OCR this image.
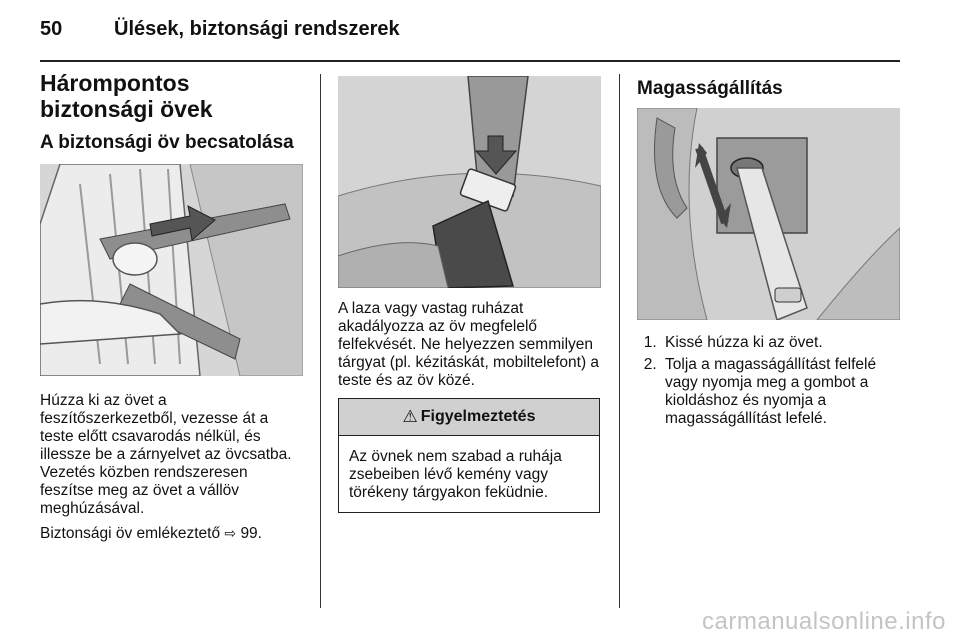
50	Ülések, biztonsági rendszerek
Hárompontos biztonsági övek
A biztonsági öv becsatolása

Húzza ki az övet a feszítőszerkezetből, vezesse át a teste előtt csavarodás nélkül, és illessze be a zárnyelvet az övcsatba. Vezetés közben rendszeresen feszítse meg az övet a vállöv meghúzásával.

Biztonsági öv emlékeztető ⇨ 99.

A laza vagy vastag ruházat akadályozza az öv megfelelő felfekvését. Ne helyezzen semmilyen tárgyat (pl. kézitáskát, mobiltelefont) a teste és az öv közé.

⚠ Figyelmeztetés
Az övnek nem szabad a ruhája zsebeiben lévő kemény vagy törékeny tárgyakon feküdnie.
Magasságállítás
1. Kissé húzza ki az övet.
2. Tolja a magasságállítást felfelé vagy nyomja meg a gombot a kioldáshoz és nyomja a magasságállítást lefelé.
carmanualsonline.info
